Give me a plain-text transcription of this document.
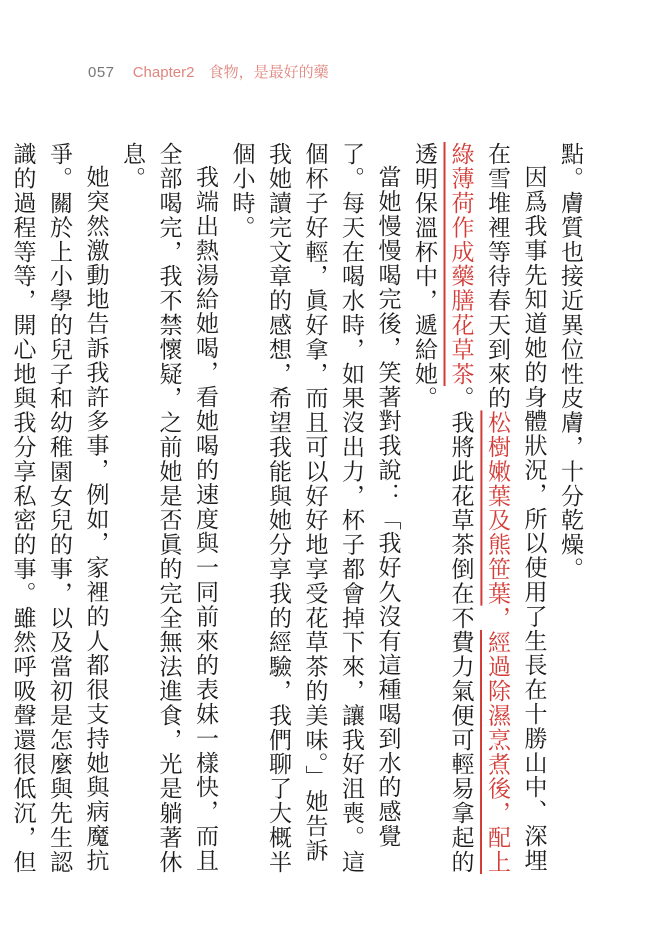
057 Chapter2 食物，是最好的藥

點。膚質也接近異位性皮膚，十分乾燥。

因爲我事先知道她的身體狀況，所以使用了生長在十勝山中、深埋在雪堆裡等待春天到來的松樹嫩葉及熊笹葉，經過除濕烹煮後，配上綠薄荷作成藥膳花草茶。我將此花草茶倒在不費力氣便可輕易拿起的透明保溫杯中，遞給她。

當她慢慢喝完後，笑著對我說：「我好久沒有這種喝到水的感覺了。每天在喝水時，如果沒出力，杯子都會掉下來，讓我好沮喪。這個杯子好輕，眞好拿，而且可以好好地享受花草茶的美味。」她告訴我她讀完文章的感想，希望我能與她分享我的經驗，我們聊了大概半個小時。

我端出熱湯給她喝，看她喝的速度與一同前來的表妹一樣快，而且全部喝完，我不禁懷疑，之前她是否眞的完全無法進食，光是躺著休息。

她突然激動地告訴我許多事，例如，家裡的人都很支持她與病魔抗爭。關於上小學的兒子和幼稚園女兒的事，以及當初是怎麼與先生認識的過程等等，開心地與我分享私密的事。雖然呼吸聲還很低沉，但
